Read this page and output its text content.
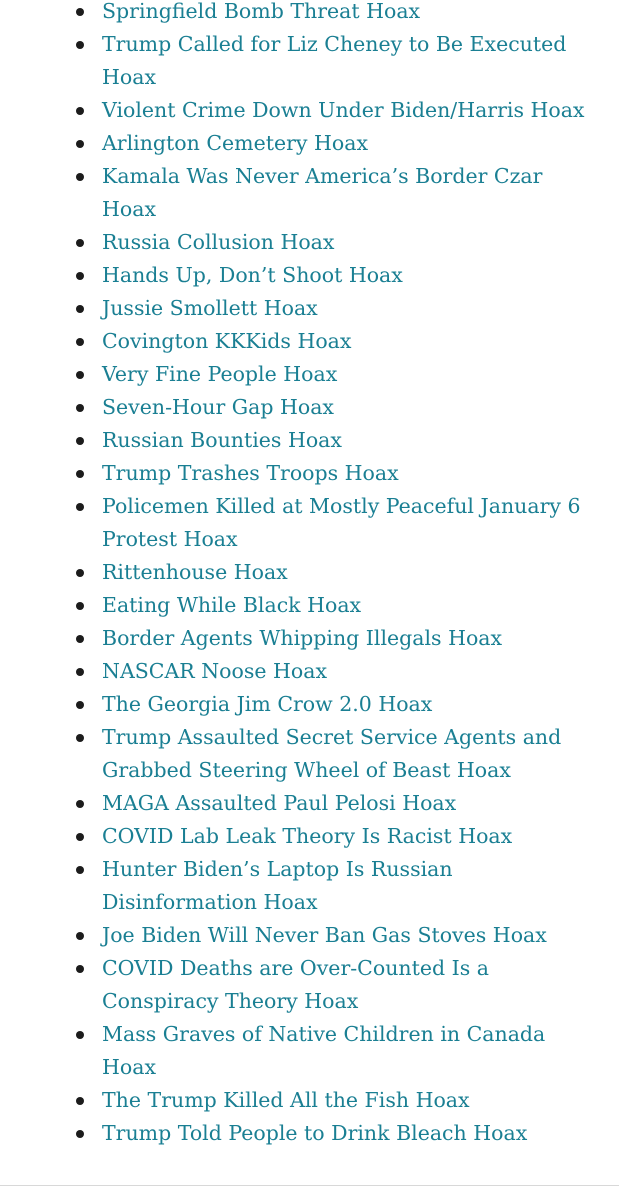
Springfield Bomb Threat Hoax
Trump Called for Liz Cheney to Be Executed Hoax
Violent Crime Down Under Biden/Harris Hoax
Arlington Cemetery Hoax
Kamala Was Never America’s Border Czar Hoax
Russia Collusion Hoax
Hands Up, Don’t Shoot Hoax
Jussie Smollett Hoax
Covington KKKids Hoax
Very Fine People Hoax
Seven-Hour Gap Hoax
Russian Bounties Hoax
Trump Trashes Troops Hoax
Policemen Killed at Mostly Peaceful January 6 Protest Hoax
Rittenhouse Hoax
Eating While Black Hoax
Border Agents Whipping Illegals Hoax
NASCAR Noose Hoax
The Georgia Jim Crow 2.0 Hoax
Trump Assaulted Secret Service Agents and Grabbed Steering Wheel of Beast Hoax
MAGA Assaulted Paul Pelosi Hoax
COVID Lab Leak Theory Is Racist Hoax
Hunter Biden’s Laptop Is Russian Disinformation Hoax
Joe Biden Will Never Ban Gas Stoves Hoax
COVID Deaths are Over-Counted Is a Conspiracy Theory Hoax
Mass Graves of Native Children in Canada Hoax
The Trump Killed All the Fish Hoax
Trump Told People to Drink Bleach Hoax
